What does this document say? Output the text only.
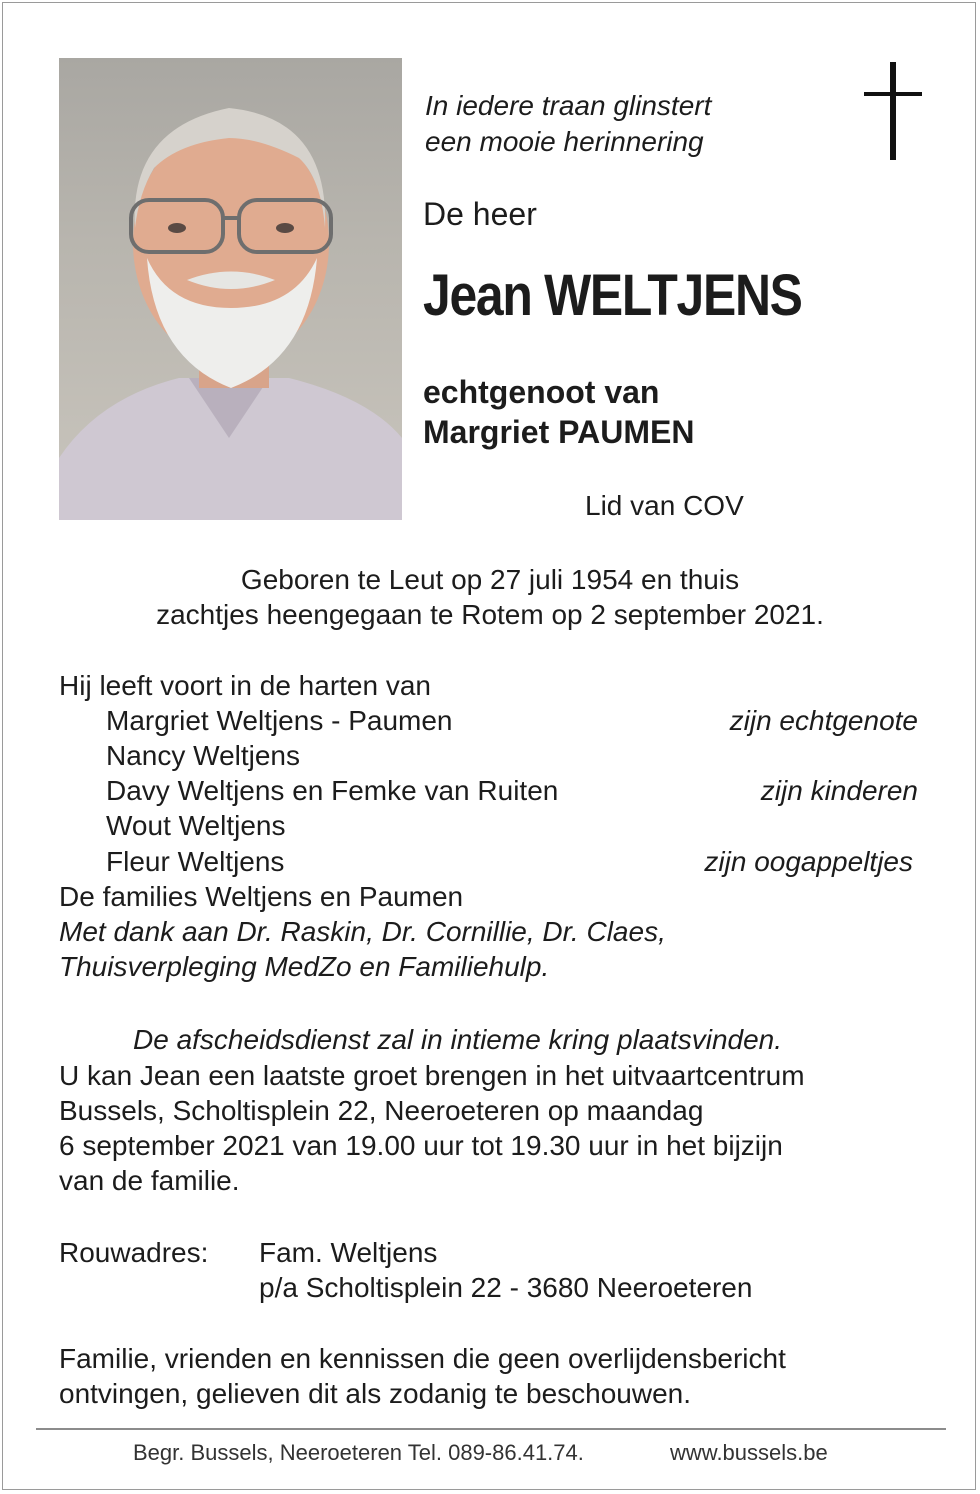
In iedere traan glinstert
een mooie herinnering
De heer
Jean WELTJENS
echtgenoot van
Margriet PAUMEN
Lid van COV
Geboren te Leut op 27 juli 1954 en thuis
zachtjes heengegaan te Rotem op 2 september 2021.
Hij leeft voort in de harten van
Margriet Weltjens - Paumen	zijn echtgenote
Nancy Weltjens
Davy Weltjens en Femke van Ruiten	zijn kinderen
Wout Weltjens
Fleur Weltjens	zijn oogappeltjes
De families Weltjens en Paumen
Met dank aan Dr. Raskin, Dr. Cornillie, Dr. Claes,
Thuisverpleging MedZo en Familiehulp.
De afscheidsdienst zal in intieme kring plaatsvinden.
U kan Jean een laatste groet brengen in het uitvaartcentrum
Bussels, Scholtisplein 22, Neeroeteren op maandag
6 september 2021 van 19.00 uur tot 19.30 uur in het bijzijn
van de familie.
Rouwadres: Fam. Weltjens
p/a Scholtisplein 22 - 3680 Neeroeteren
Familie, vrienden en kennissen die geen overlijdensbericht
ontvingen, gelieven dit als zodanig te beschouwen.
Begr. Bussels, Neeroeteren Tel. 089-86.41.74.	www.bussels.be
